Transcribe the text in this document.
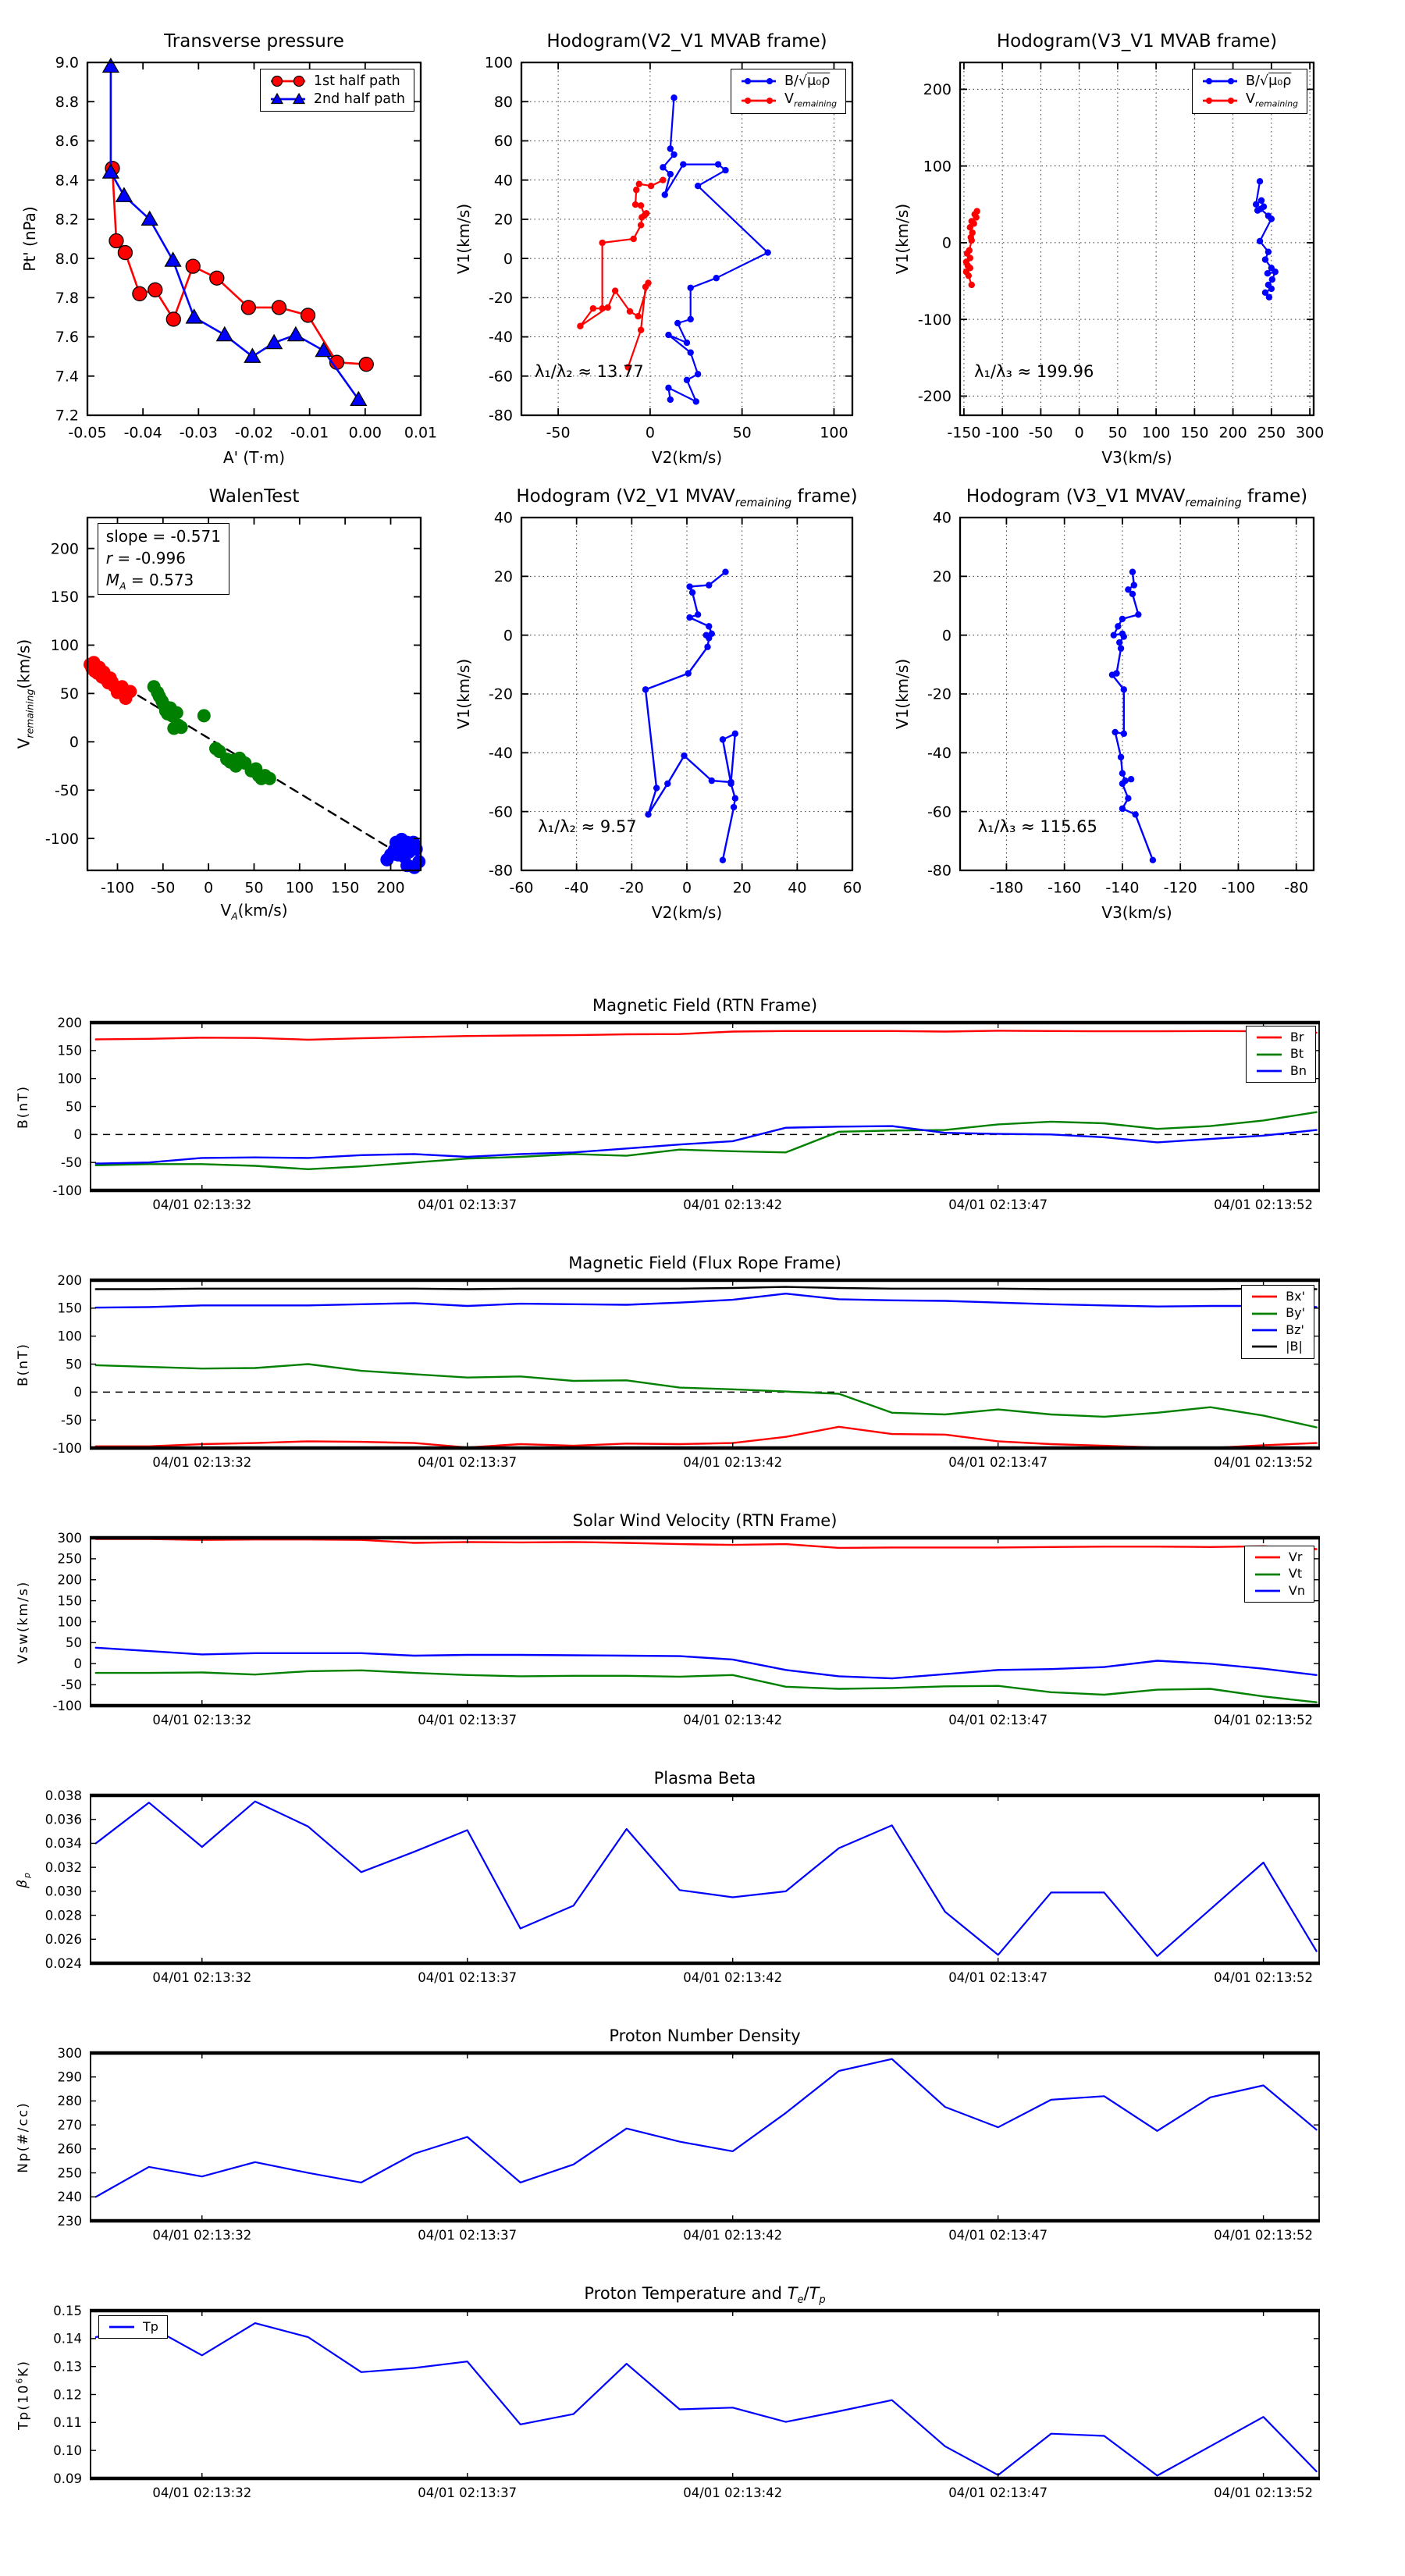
Transverse pressure
Pt' (nPa)
A' (T·m)
-0.05 -0.04 -0.03 -0.02 -0.01 0.00 0.01
7.2
7.4
7.6
7.8
8.0
8.2
8.4
8.6
8.8
9.0
1st half path
2nd half path
Hodogram(V2_V1 MVAB frame)
V1(km/s)
V2(km/s)
-50	0	50	100
-80
-60
-40
-20
0
20
40
60
80
100
B/√μ₀ρ
$V_{remaining}$
λ₁/λ₂ ≈ 13.77
Hodogram(V3_V1 MVAB frame)
V1(km/s)
V3(km/s)
-150 -100 -50 0 50 100 150 200 250 300
-200
-100
0
100
200
B/√μ₀ρ
$V_{remaining}$
λ₁/λ₃ ≈ 199.96
WalenTest
$V_{remaining}(km/s)$
$V_A(km/s)$
-100 -50 0 50 100 150 200
-100
-50
0
50
100
150
200
slope = -0.571
r = -0.996
$M_A = 0.573$
Hodogram (V2_V1 $MVAV_{remaining}$ frame)
V1(km/s)
V2(km/s)
-60 -40 -20	0	20 40 60
-80
-60
-40
-20
0
20
40
λ₁/λ₂ ≈ 9.57
Hodogram (V3_V1 $MVAV_{remaining}$ frame)
V1(km/s)
V3(km/s)
-180 -160 -140 -120 -100 -80
-80
-60
-40
-20
0
20
40
λ₁/λ₃ ≈ 115.65
Magnetic Field (RTN Frame)
B(nT)
04/01 02:13:32	04/01 02:13:37	04/01 02:13:42	04/01 02:13:47	04/01 02:13:52
-100
-50
0
50
100
150
200
Br
Bt
Bn
Magnetic Field (Flux Rope Frame)
B(nT)
04/01 02:13:32	04/01 02:13:37	04/01 02:13:42	04/01 02:13:47	04/01 02:13:52
-100
-50
0
50
100
150
200
Bx'
By'
Bz'
|B|
Solar Wind Velocity (RTN Frame)
Vsw(km/s)
04/01 02:13:32	04/01 02:13:37	04/01 02:13:42	04/01 02:13:47	04/01 02:13:52
-100
-50
0
50
100
150
200
250
300
Vr
Vt
Vn
Plasma Beta
$\beta_p$
04/01 02:13:32	04/01 02:13:37	04/01 02:13:42	04/01 02:13:47	04/01 02:13:52
0.024
0.026
0.028
0.030
0.032
0.034
0.036
0.038
Proton Number Density
Np(#/cc)
04/01 02:13:32	04/01 02:13:37	04/01 02:13:42	04/01 02:13:47	04/01 02:13:52
230
240
250
260
270
280
290
300
Proton Temperature and $T_e/T_p$
$Tp(10^6K)$
04/01 02:13:32	04/01 02:13:37	04/01 02:13:42	04/01 02:13:47	04/01 02:13:52
0.09
0.10
0.11
0.12
0.13
0.14
0.15
Tp
